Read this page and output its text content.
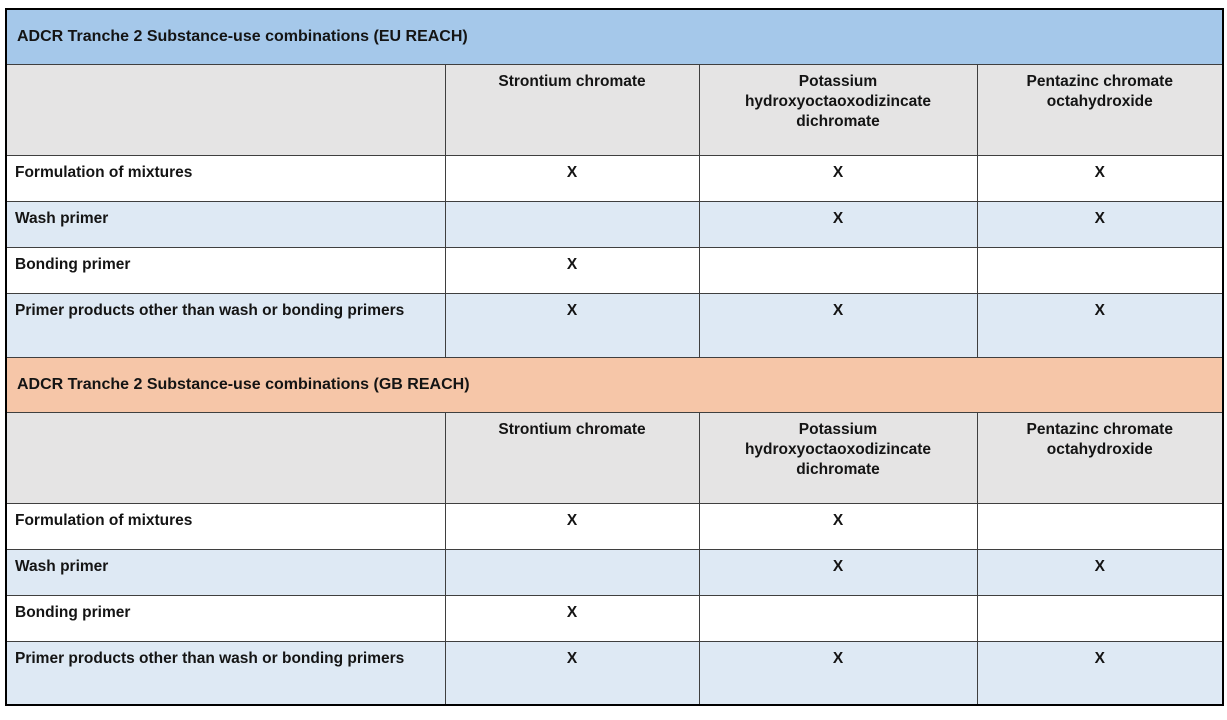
ADCR Tranche 2 Substance-use combinations (EU REACH)			
	Strontium chromate	Potassium hydroxyoctaoxodizincate dichromate	Pentazinc chromate octahydroxide
Formulation of mixtures	X	X	X
Wash primer		X	X
Bonding primer	X		
Primer products other than wash or bonding primers	X	X	X
ADCR Tranche 2 Substance-use combinations (GB REACH)			
	Strontium chromate	Potassium hydroxyoctaoxodizincate dichromate	Pentazinc chromate octahydroxide
Formulation of mixtures	X	X	
Wash primer		X	X
Bonding primer	X		
Primer products other than wash or bonding primers	X	X	X
